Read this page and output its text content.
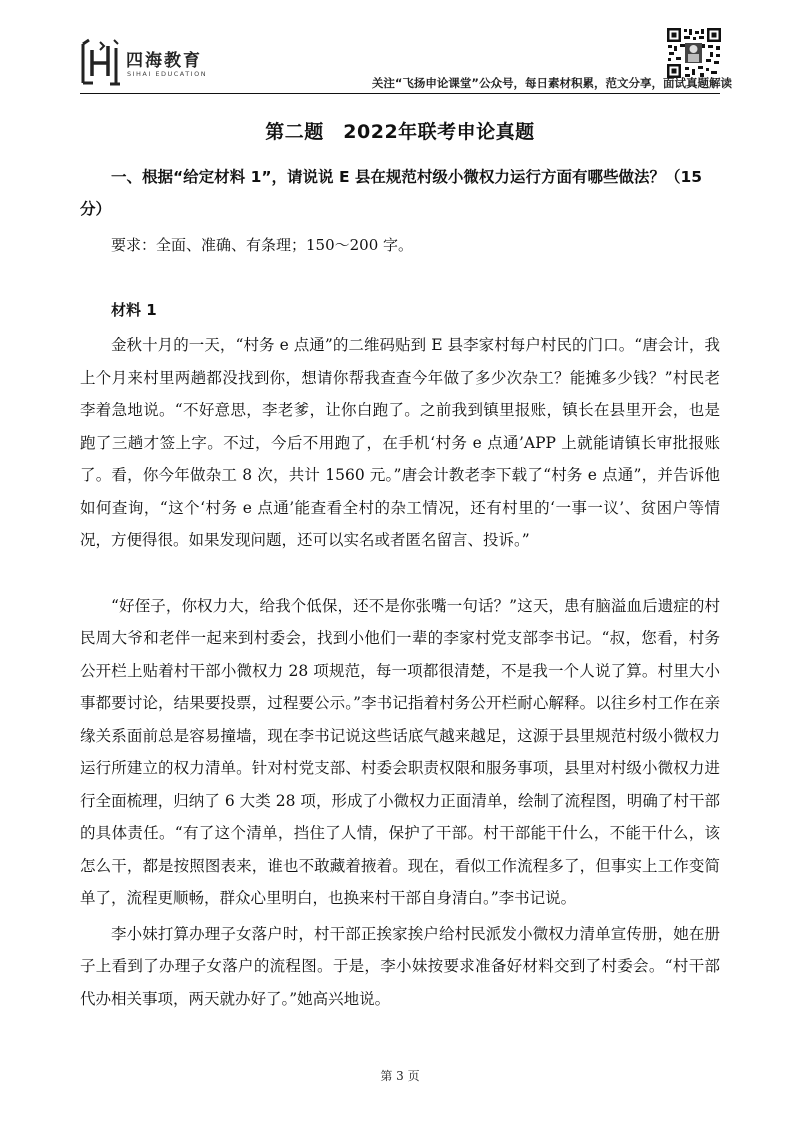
四海教育
SIHAI EDUCATION
关注“飞扬申论课堂”公众号，每日素材积累，范文分享，面试真题解读
第二题　2022年联考申论真题

一、根据“给定材料 1”，请说说 E 县在规范村级小微权力运行方面有哪些做法？（15 分）

要求：全面、准确、有条理；150～200 字。

材料 1

金秋十月的一天，“村务 e 点通”的二维码贴到 E 县李家村每户村民的门口。“唐会计，我上个月来村里两趟都没找到你，想请你帮我查查今年做了多少次杂工？能摊多少钱？”村民老李着急地说。“不好意思，李老爹，让你白跑了。之前我到镇里报账，镇长在县里开会，也是跑了三趟才签上字。不过，今后不用跑了，在手机‘村务 e 点通’APP 上就能请镇长审批报账了。看，你今年做杂工 8 次，共计 1560 元。”唐会计教老李下载了“村务 e 点通”，并告诉他如何查询，“这个‘村务 e 点通’能查看全村的杂工情况，还有村里的‘一事一议’、贫困户等情况，方便得很。如果发现问题，还可以实名或者匿名留言、投诉。”

“好侄子，你权力大，给我个低保，还不是你张嘴一句话？”这天，患有脑溢血后遗症的村民周大爷和老伴一起来到村委会，找到小他们一辈的李家村党支部李书记。“叔，您看，村务公开栏上贴着村干部小微权力 28 项规范，每一项都很清楚，不是我一个人说了算。村里大小事都要讨论，结果要投票，过程要公示。”李书记指着村务公开栏耐心解释。以往乡村工作在亲缘关系面前总是容易撞墙，现在李书记说这些话底气越来越足，这源于县里规范村级小微权力运行所建立的权力清单。针对村党支部、村委会职责权限和服务事项，县里对村级小微权力进行全面梳理，归纳了 6 大类 28 项，形成了小微权力正面清单，绘制了流程图，明确了村干部的具体责任。“有了这个清单，挡住了人情，保护了干部。村干部能干什么，不能干什么，该怎么干，都是按照图表来，谁也不敢藏着掖着。现在，看似工作流程多了，但事实上工作变简单了，流程更顺畅，群众心里明白，也换来村干部自身清白。”李书记说。

李小妹打算办理子女落户时，村干部正挨家挨户给村民派发小微权力清单宣传册，她在册子上看到了办理子女落户的流程图。于是，李小妹按要求准备好材料交到了村委会。“村干部代办相关事项，两天就办好了。”她高兴地说。

第 3 页
